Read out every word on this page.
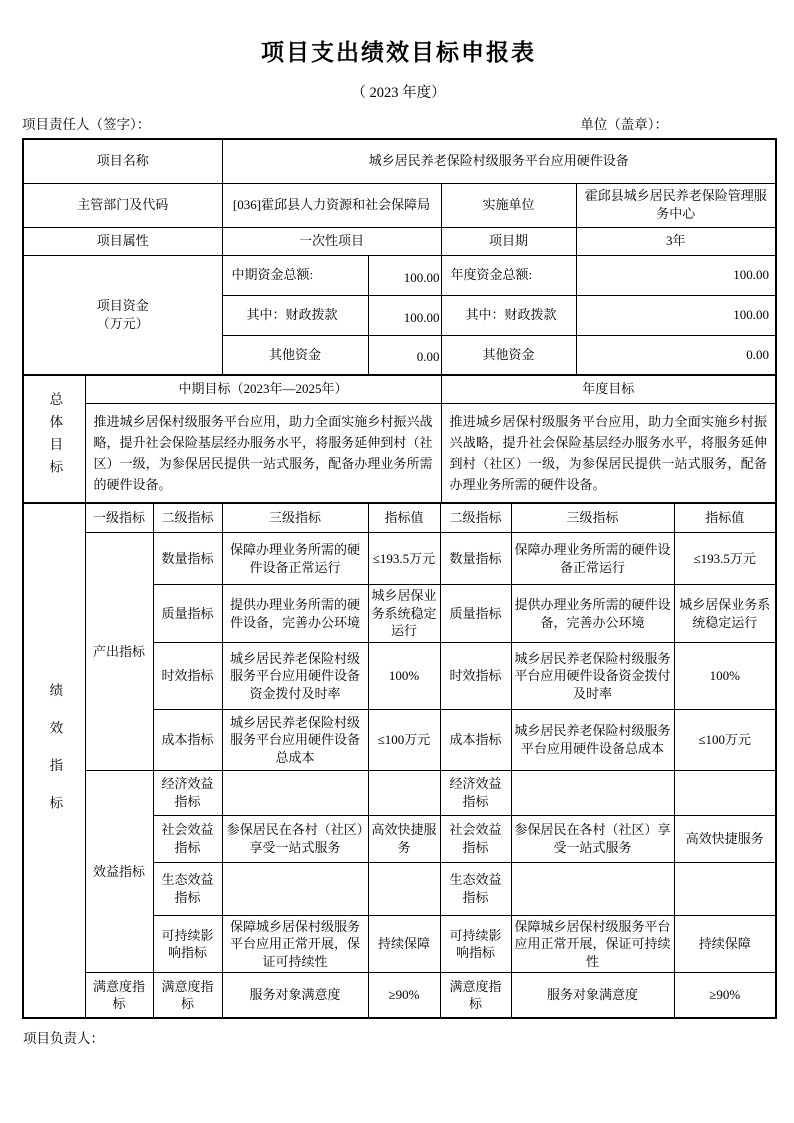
项目支出绩效目标申报表
（ 2023 年度）
项目责任人（签字）：	单位（盖章）：
项目名称	城乡居民养老保险村级服务平台应用硬件设备			
主管部门及代码	[036]霍邱县人力资源和社会保障局		实施单位	霍邱县城乡居民养老保险管理服务中心
项目属性	一次性项目		项目期	3年

项目资金
（万元）	中期资金总额:	100.00	年度资金总额:	100.00
	其中：财政拨款	100.00	其中：财政拨款	100.00
	其他资金	0.00	其他资金	0.00
总体目标	中期目标（2023年—2025年）	年度目标
	推进城乡居保村级服务平台应用，助力全面实施乡村振兴战略，提升社会保险基层经办服务水平，将服务延伸到村（社区）一级，为参保居民提供一站式服务，配备办理业务所需的硬件设备。	推进城乡居保村级服务平台应用，助力全面实施乡村振兴战略，提升社会保险基层经办服务水平，将服务延伸到村（社区）一级，为参保居民提供一站式服务，配备办理业务所需的硬件设备。
绩效指标	一级指标	二级指标	三级指标	指标值	二级指标	三级指标	指标值
	产出指标	数量指标	保障办理业务所需的硬件设备正常运行	≤193.5万元	数量指标	保障办理业务所需的硬件设备正常运行	≤193.5万元
		质量指标	提供办理业务所需的硬件设备，完善办公环境	城乡居保业务系统稳定运行	质量指标	提供办理业务所需的硬件设备，完善办公环境	城乡居保业务系统稳定运行
		时效指标	城乡居民养老保险村级服务平台应用硬件设备资金拨付及时率	100%	时效指标	城乡居民养老保险村级服务平台应用硬件设备资金拨付及时率	100%
		成本指标	城乡居民养老保险村级服务平台应用硬件设备总成本	≤100万元	成本指标	城乡居民养老保险村级服务平台应用硬件设备总成本	≤100万元
	效益指标	经济效益指标			经济效益指标		
		社会效益指标	参保居民在各村（社区）享受一站式服务	高效快捷服务	社会效益指标	参保居民在各村（社区）享受一站式服务	高效快捷服务
		生态效益指标			生态效益指标		
		可持续影响指标	保障城乡居保村级服务平台应用正常开展，保证可持续性	持续保障	可持续影响指标	保障城乡居保村级服务平台应用正常开展，保证可持续性	持续保障
	满意度指标	满意度指标	服务对象满意度	≥90%	满意度指标	服务对象满意度	≥90%
项目负责人：
